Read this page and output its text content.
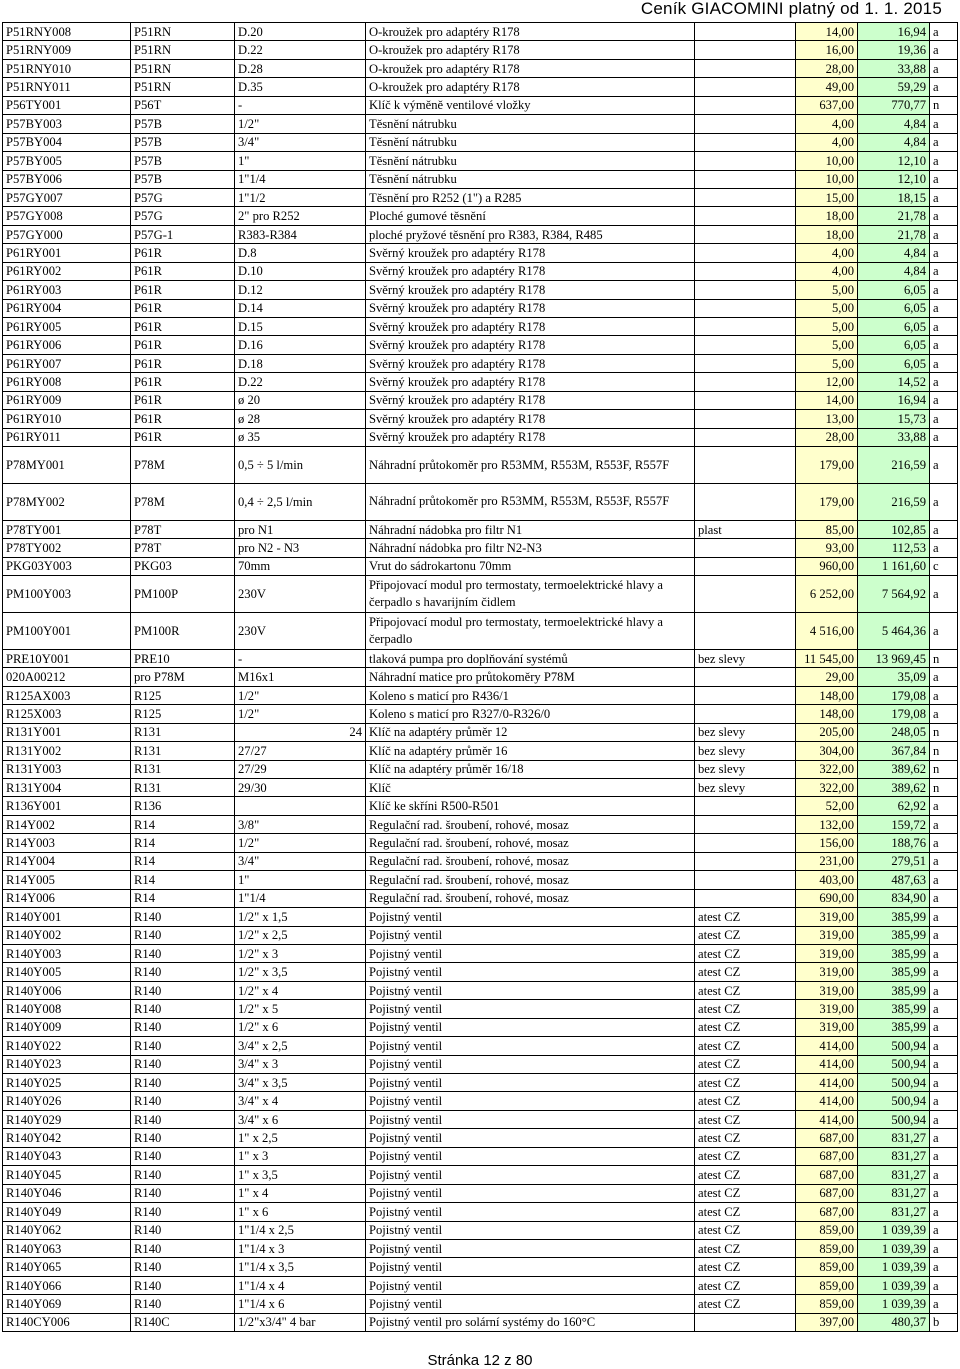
Ceník GIACOMINI platný od 1. 1. 2015
P51RNY008	P51RN	D.20	O-kroužek pro adaptéry R178		14,00	16,94	a
P51RNY009	P51RN	D.22	O-kroužek pro adaptéry R178		16,00	19,36	a
P51RNY010	P51RN	D.28	O-kroužek pro adaptéry R178		28,00	33,88	a
P51RNY011	P51RN	D.35	O-kroužek pro adaptéry R178		49,00	59,29	a
P56TY001	P56T	-	Klíč k výměně ventilové vložky		637,00	770,77	n
P57BY003	P57B	1/2"	Těsnění nátrubku		4,00	4,84	a
P57BY004	P57B	3/4"	Těsnění nátrubku		4,00	4,84	a
P57BY005	P57B	1"	Těsnění nátrubku		10,00	12,10	a
P57BY006	P57B	1"1/4	Těsnění nátrubku		10,00	12,10	a
P57GY007	P57G	1"1/2	Těsnění pro R252 (1") a R285		15,00	18,15	a
P57GY008	P57G	2" pro R252	Ploché gumové těsnění		18,00	21,78	a
P57GY000	P57G-1	R383-R384	ploché pryžové těsnění pro R383, R384, R485		18,00	21,78	a
P61RY001	P61R	D.8	Svěrný kroužek pro adaptéry R178		4,00	4,84	a
P61RY002	P61R	D.10	Svěrný kroužek pro adaptéry R178		4,00	4,84	a
P61RY003	P61R	D.12	Svěrný kroužek pro adaptéry R178		5,00	6,05	a
P61RY004	P61R	D.14	Svěrný kroužek pro adaptéry R178		5,00	6,05	a
P61RY005	P61R	D.15	Svěrný kroužek pro adaptéry R178		5,00	6,05	a
P61RY006	P61R	D.16	Svěrný kroužek pro adaptéry R178		5,00	6,05	a
P61RY007	P61R	D.18	Svěrný kroužek pro adaptéry R178		5,00	6,05	a
P61RY008	P61R	D.22	Svěrný kroužek pro adaptéry R178		12,00	14,52	a
P61RY009	P61R	ø 20	Svěrný kroužek pro adaptéry R178		14,00	16,94	a
P61RY010	P61R	ø 28	Svěrný kroužek pro adaptéry R178		13,00	15,73	a
P61RY011	P61R	ø 35	Svěrný kroužek pro adaptéry R178		28,00	33,88	a
P78MY001	P78M	0,5 ÷ 5 l/min	Náhradní průtokoměr pro R53MM, R553M, R553F, R557F		179,00	216,59	a
P78MY002	P78M	0,4 ÷ 2,5 l/min	Náhradní průtokoměr pro R53MM, R553M, R553F, R557F		179,00	216,59	a
P78TY001	P78T	pro N1	Náhradní nádobka pro filtr N1	plast	85,00	102,85	a
P78TY002	P78T	pro N2 - N3	Náhradní nádobka pro filtr N2-N3		93,00	112,53	a
PKG03Y003	PKG03	70mm	Vrut do sádrokartonu 70mm		960,00	1 161,60	c
PM100Y003	PM100P	230V	Připojovací modul pro termostaty, termoelektrické hlavy a čerpadlo s havarijním čidlem		6 252,00	7 564,92	a
PM100Y001	PM100R	230V	Připojovací modul pro termostaty, termoelektrické hlavy a čerpadlo		4 516,00	5 464,36	a
PRE10Y001	PRE10	-	tlaková pumpa pro doplňování systémů	bez slevy	11 545,00	13 969,45	n
020A00212	pro P78M	M16x1	Náhradní matice pro průtokoměry P78M		29,00	35,09	a
R125AX003	R125	1/2"	Koleno s maticí pro R436/1		148,00	179,08	a
R125X003	R125	1/2"	Koleno s maticí pro R327/0-R326/0		148,00	179,08	a
R131Y001	R131	24	Klíč na adaptéry průměr 12	bez slevy	205,00	248,05	n
R131Y002	R131	27/27	Klíč na adaptéry průměr 16	bez slevy	304,00	367,84	n
R131Y003	R131	27/29	Klíč na adaptéry průměr 16/18	bez slevy	322,00	389,62	n
R131Y004	R131	29/30	Klíč	bez slevy	322,00	389,62	n
R136Y001	R136		Klíč ke skříni R500-R501		52,00	62,92	a
R14Y002	R14	3/8"	Regulační rad. šroubení, rohové, mosaz		132,00	159,72	a
R14Y003	R14	1/2"	Regulační rad. šroubení, rohové, mosaz		156,00	188,76	a
R14Y004	R14	3/4"	Regulační rad. šroubení, rohové, mosaz		231,00	279,51	a
R14Y005	R14	1"	Regulační rad. šroubení, rohové, mosaz		403,00	487,63	a
R14Y006	R14	1"1/4	Regulační rad. šroubení, rohové, mosaz		690,00	834,90	a
R140Y001	R140	1/2" x 1,5	Pojistný ventil	atest CZ	319,00	385,99	a
R140Y002	R140	1/2" x 2,5	Pojistný ventil	atest CZ	319,00	385,99	a
R140Y003	R140	1/2" x 3	Pojistný ventil	atest CZ	319,00	385,99	a
R140Y005	R140	1/2" x 3,5	Pojistný ventil	atest CZ	319,00	385,99	a
R140Y006	R140	1/2" x 4	Pojistný ventil	atest CZ	319,00	385,99	a
R140Y008	R140	1/2" x 5	Pojistný ventil	atest CZ	319,00	385,99	a
R140Y009	R140	1/2" x 6	Pojistný ventil	atest CZ	319,00	385,99	a
R140Y022	R140	3/4" x 2,5	Pojistný ventil	atest CZ	414,00	500,94	a
R140Y023	R140	3/4" x 3	Pojistný ventil	atest CZ	414,00	500,94	a
R140Y025	R140	3/4" x 3,5	Pojistný ventil	atest CZ	414,00	500,94	a
R140Y026	R140	3/4" x 4	Pojistný ventil	atest CZ	414,00	500,94	a
R140Y029	R140	3/4" x 6	Pojistný ventil	atest CZ	414,00	500,94	a
R140Y042	R140	1" x 2,5	Pojistný ventil	atest CZ	687,00	831,27	a
R140Y043	R140	1" x 3	Pojistný ventil	atest CZ	687,00	831,27	a
R140Y045	R140	1" x 3,5	Pojistný ventil	atest CZ	687,00	831,27	a
R140Y046	R140	1" x 4	Pojistný ventil	atest CZ	687,00	831,27	a
R140Y049	R140	1" x 6	Pojistný ventil	atest CZ	687,00	831,27	a
R140Y062	R140	1"1/4 x 2,5	Pojistný ventil	atest CZ	859,00	1 039,39	a
R140Y063	R140	1"1/4 x 3	Pojistný ventil	atest CZ	859,00	1 039,39	a
R140Y065	R140	1"1/4 x 3,5	Pojistný ventil	atest CZ	859,00	1 039,39	a
R140Y066	R140	1"1/4 x 4	Pojistný ventil	atest CZ	859,00	1 039,39	a
R140Y069	R140	1"1/4 x 6	Pojistný ventil	atest CZ	859,00	1 039,39	a
R140CY006	R140C	1/2"x3/4" 4 bar	Pojistný ventil pro solární systémy do 160°C		397,00	480,37	b
Stránka 12 z 80
